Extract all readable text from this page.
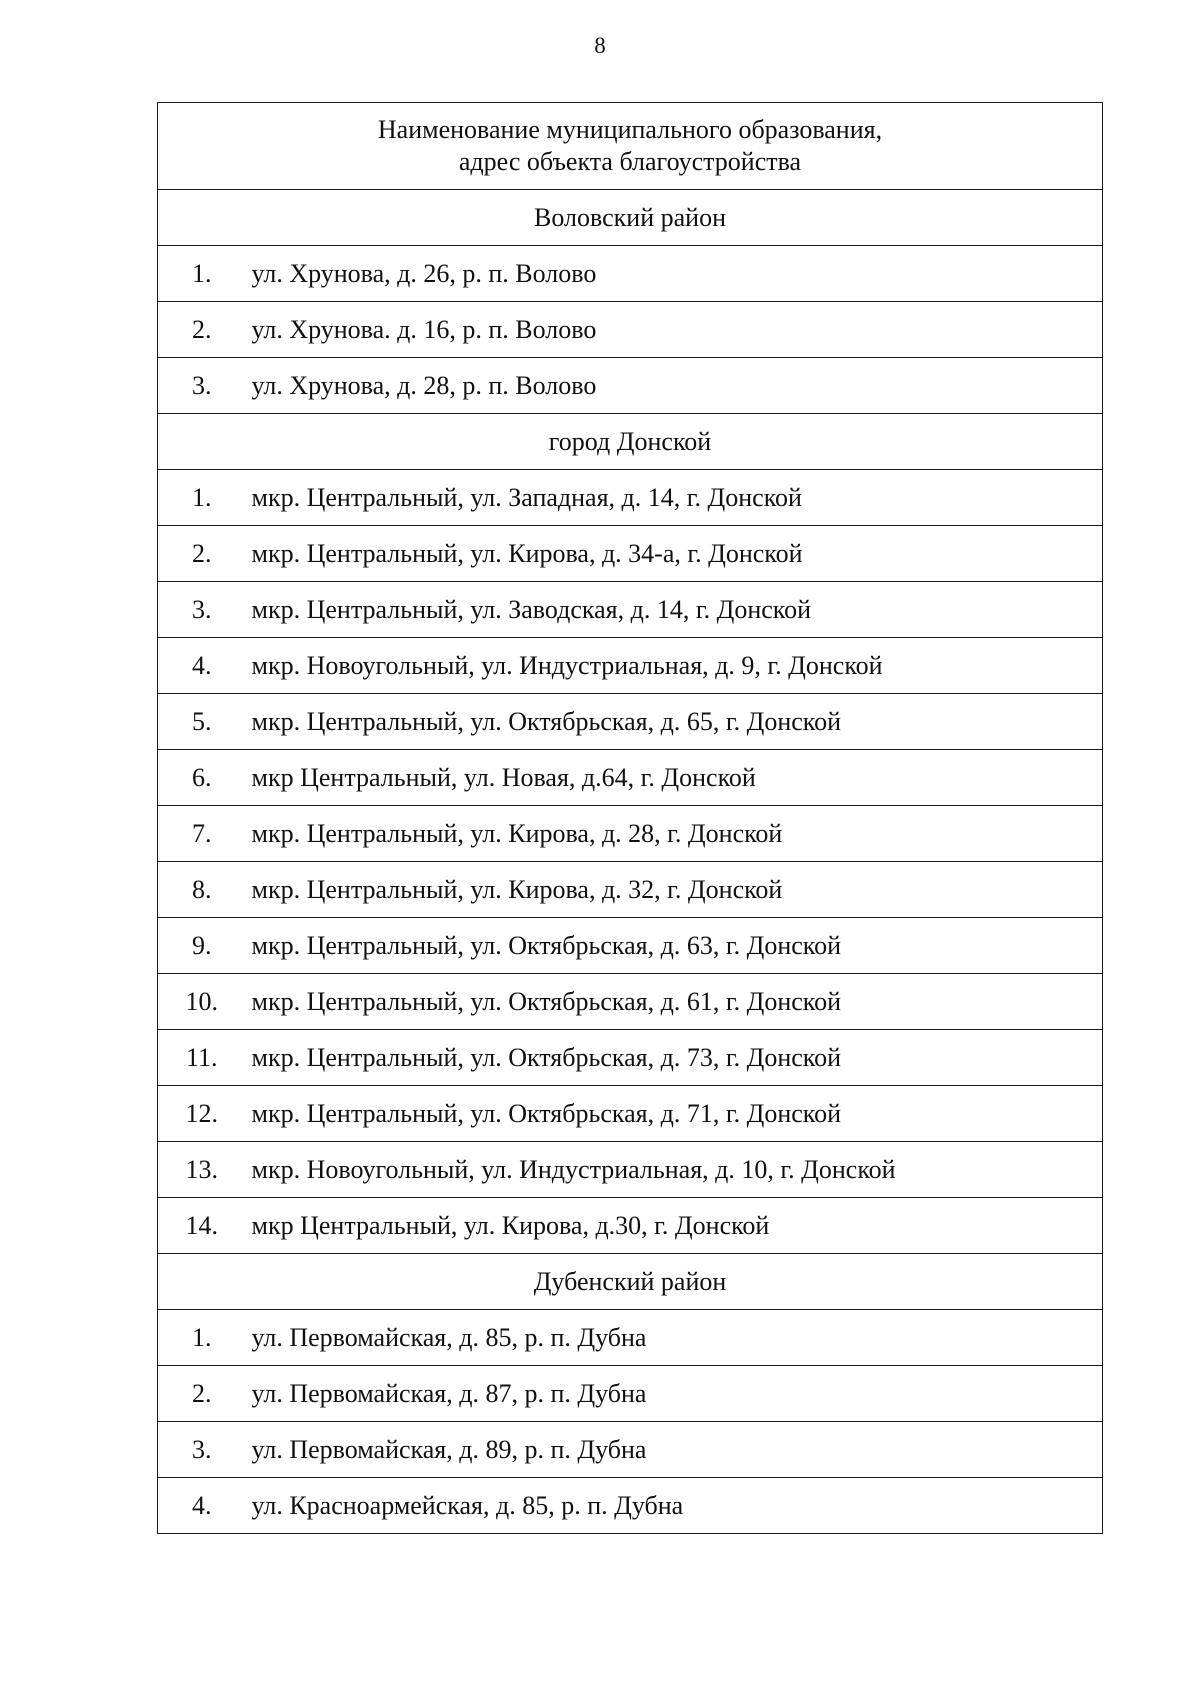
8
Наименование муниципального образования,
адрес объекта благоустройства	

Воловский район	
1.	ул. Хрунова, д. 26, р. п. Волово
2.	ул. Хрунова. д. 16, р. п. Волово
3.	ул. Хрунова, д. 28, р. п. Волово
город Донской	
1.	мкр. Центральный, ул. Западная, д. 14, г. Донской
2.	мкр. Центральный, ул. Кирова, д. 34-а, г. Донской
3.	мкр. Центральный, ул. Заводская, д. 14, г. Донской
4.	мкр. Новоугольный, ул. Индустриальная, д. 9, г. Донской
5.	мкр. Центральный, ул. Октябрьская, д. 65, г. Донской
6.	мкр Центральный, ул. Новая, д.64, г. Донской
7.	мкр. Центральный, ул. Кирова, д. 28, г. Донской
8.	мкр. Центральный, ул. Кирова, д. 32, г. Донской
9.	мкр. Центральный, ул. Октябрьская, д. 63, г. Донской
10.	мкр. Центральный, ул. Октябрьская, д. 61, г. Донской
11.	мкр. Центральный, ул. Октябрьская, д. 73, г. Донской
12.	мкр. Центральный, ул. Октябрьская, д. 71, г. Донской
13.	мкр. Новоугольный, ул. Индустриальная, д. 10, г. Донской
14.	мкр Центральный, ул. Кирова, д.30, г. Донской
Дубенский район	
1.	ул. Первомайская, д. 85, р. п. Дубна
2.	ул. Первомайская, д. 87, р. п. Дубна
3.	ул. Первомайская, д. 89, р. п. Дубна
4.	ул. Красноармейская, д. 85, р. п. Дубна
